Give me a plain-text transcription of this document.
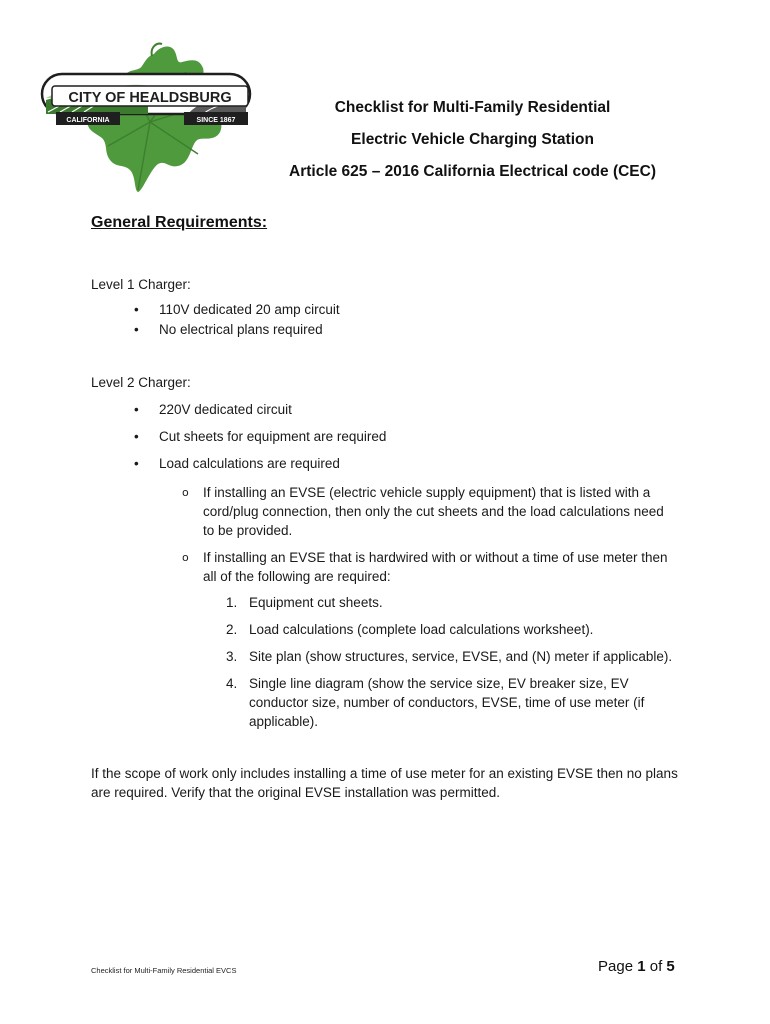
CITY OF HEALDSBURG
CALIFORNIA	SINCE 1867
Checklist for Multi-Family Residential
Electric Vehicle Charging Station
Article 625 – 2016 California Electrical code (CEC)
General Requirements:
Level 1 Charger:
• 110V dedicated 20 amp circuit
• No electrical plans required
Level 2 Charger:
• 220V dedicated circuit
• Cut sheets for equipment are required
• Load calculations are required
o If installing an EVSE (electric vehicle supply equipment) that is listed with a cord/plug connection, then only the cut sheets and the load calculations need to be provided.
o If installing an EVSE that is hardwired with or without a time of use meter then all of the following are required:
1. Equipment cut sheets.
2. Load calculations (complete load calculations worksheet).
3. Site plan (show structures, service, EVSE, and (N) meter if applicable).
4. Single line diagram (show the service size, EV breaker size, EV conductor size, number of conductors, EVSE, time of use meter (if applicable).
If the scope of work only includes installing a time of use meter for an existing EVSE then no plans are required. Verify that the original EVSE installation was permitted.
Checklist for Multi-Family Residential EVCS	Page 1 of 5
